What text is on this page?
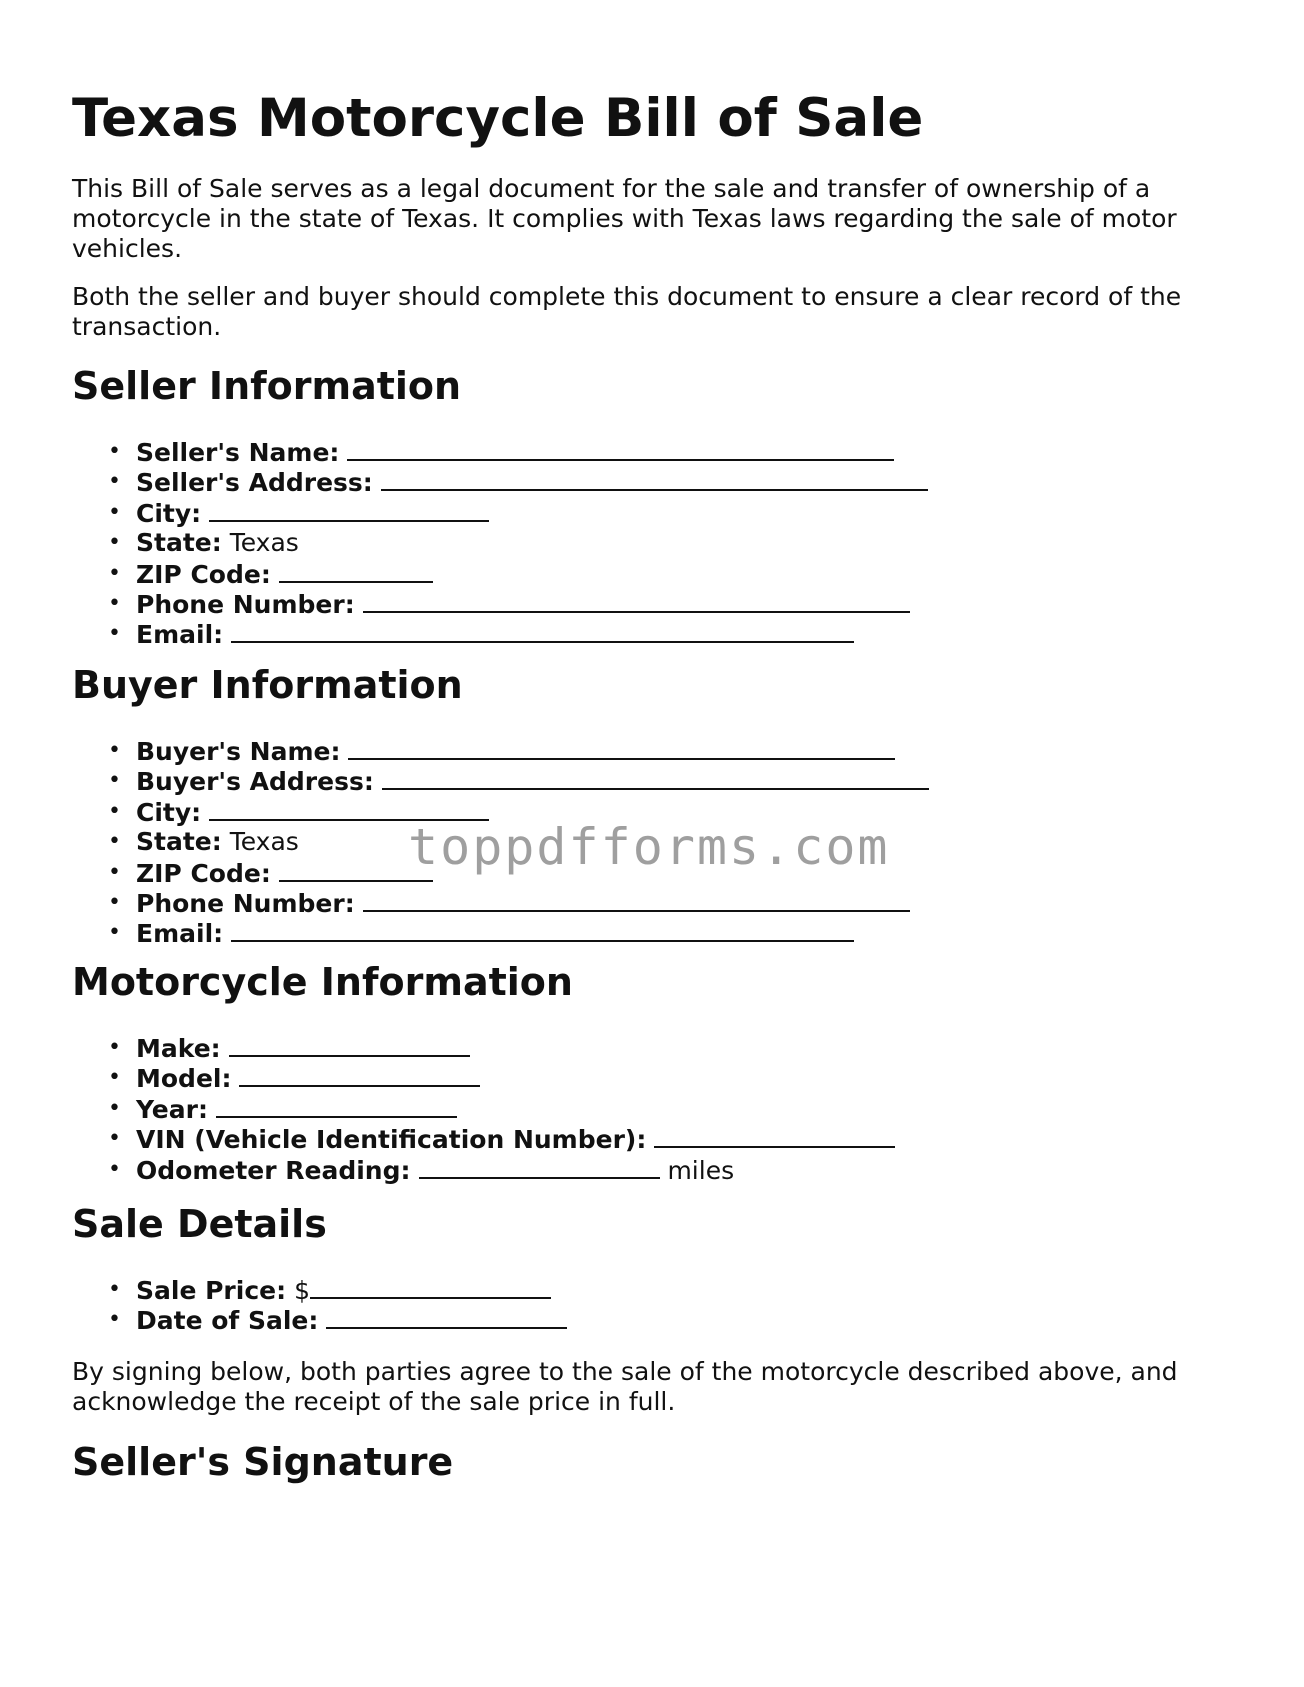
Texas Motorcycle Bill of Sale

This Bill of Sale serves as a legal document for the sale and transfer of ownership of a motorcycle in the state of Texas. It complies with Texas laws regarding the sale of motor vehicles.

Both the seller and buyer should complete this document to ensure a clear record of the transaction.

Seller Information
• Seller's Name:
• Seller's Address:
• City:
• State: Texas
• ZIP Code:
• Phone Number:
• Email:
Buyer Information
• Buyer's Name:
• Buyer's Address:
• City:
• State: Texas
• ZIP Code:
• Phone Number:
• Email:
Motorcycle Information
• Make:
• Model:
• Year:
• VIN (Vehicle Identification Number):
• Odometer Reading:	miles
Sale Details
• Sale Price: $
• Date of Sale:

By signing below, both parties agree to the sale of the motorcycle described above, and acknowledge the receipt of the sale price in full.

Seller's Signature
toppdfforms.com
